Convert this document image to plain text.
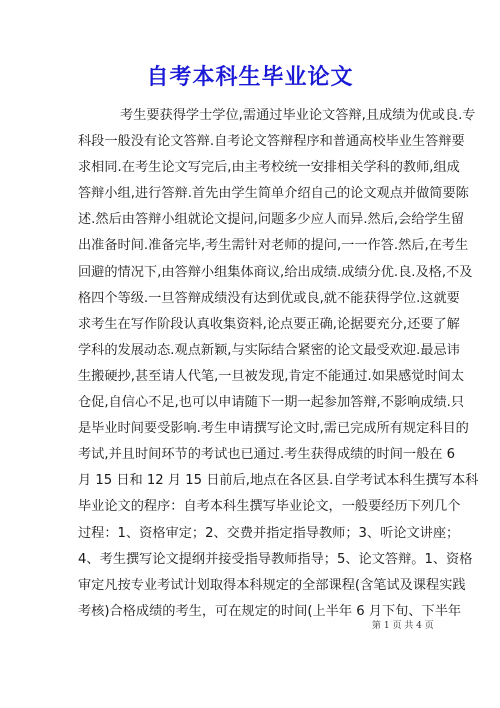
自考本科生毕业论文
考生要获得学士学位,需通过毕业论文答辩,且成绩为优或良.专
科段一般没有论文答辩.自考论文答辩程序和普通高校毕业生答辩要
求相同.在考生论文写完后,由主考校统一安排相关学科的教师,组成
答辩小组,进行答辩.首先由学生简单介绍自己的论文观点并做简要陈
述.然后由答辩小组就论文提问,问题多少应人而异.然后,会给学生留
出准备时间.准备完毕,考生需针对老师的提问,一一作答.然后,在考生
回避的情况下,由答辩小组集体商议,给出成绩.成绩分优.良.及格,不及
格四个等级.一旦答辩成绩没有达到优或良,就不能获得学位.这就要
求考生在写作阶段认真收集资料,论点要正确,论据要充分,还要了解
学科的发展动态.观点新颖,与实际结合紧密的论文最受欢迎.最忌讳
生搬硬抄,甚至请人代笔,一旦被发现,肯定不能通过.如果感觉时间太
仓促,自信心不足,也可以申请随下一期一起参加答辩,不影响成绩.只
是毕业时间要受影响.考生申请撰写论文时,需已完成所有规定科目的
考试,并且时间环节的考试也已通过.考生获得成绩的时间一般在 6
月 15 日和 12 月 15 日前后,地点在各区县.自学考试本科生撰写本科
毕业论文的程序：自考本科生撰写毕业论文，一般要经历下列几个
过程：1、资格审定；2、交费并指定指导教师；3、听论文讲座；
4、考生撰写论文提纲并接受指导教师指导；5、论文答辩。1、资格
审定凡按专业考试计划取得本科规定的全部课程(含笔试及课程实践
考核)合格成绩的考生，可在规定的时间(上半年 6 月下旬、下半年
第 1 页 共 4 页
